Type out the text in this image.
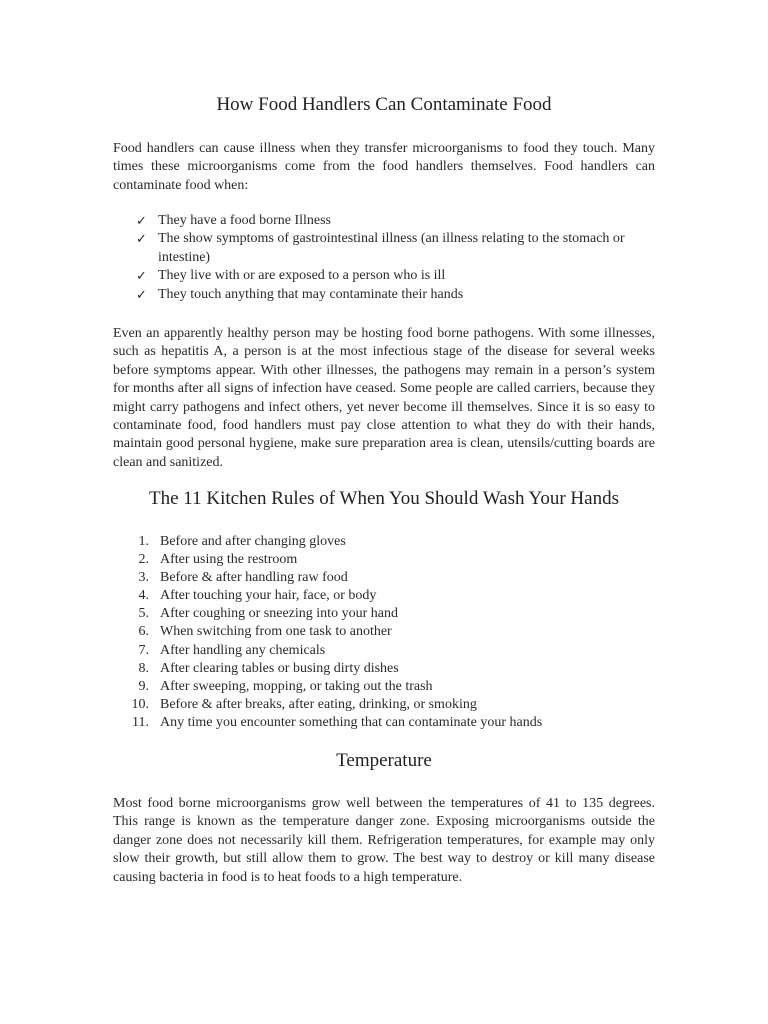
How Food Handlers Can Contaminate Food

Food handlers can cause illness when they transfer microorganisms to food they touch. Many times these microorganisms come from the food handlers themselves. Food handlers can contaminate food when:

✓ They have a food borne Illness
✓ The show symptoms of gastrointestinal illness (an illness relating to the stomach or intestine)
✓ They live with or are exposed to a person who is ill
✓ They touch anything that may contaminate their hands

Even an apparently healthy person may be hosting food borne pathogens. With some illnesses, such as hepatitis A, a person is at the most infectious stage of the disease for several weeks before symptoms appear. With other illnesses, the pathogens may remain in a person’s system for months after all signs of infection have ceased. Some people are called carriers, because they might carry pathogens and infect others, yet never become ill themselves. Since it is so easy to contaminate food, food handlers must pay close attention to what they do with their hands, maintain good personal hygiene, make sure preparation area is clean, utensils/cutting boards are clean and sanitized.

The 11 Kitchen Rules of When You Should Wash Your Hands
1. Before and after changing gloves
2. After using the restroom
3. Before & after handling raw food
4. After touching your hair, face, or body
5. After coughing or sneezing into your hand
6. When switching from one task to another
7. After handling any chemicals
8. After clearing tables or busing dirty dishes
9. After sweeping, mopping, or taking out the trash
10. Before & after breaks, after eating, drinking, or smoking
11. Any time you encounter something that can contaminate your hands
Temperature

Most food borne microorganisms grow well between the temperatures of 41 to 135 degrees. This range is known as the temperature danger zone. Exposing microorganisms outside the danger zone does not necessarily kill them. Refrigeration temperatures, for example may only slow their growth, but still allow them to grow. The best way to destroy or kill many disease causing bacteria in food is to heat foods to a high temperature.
